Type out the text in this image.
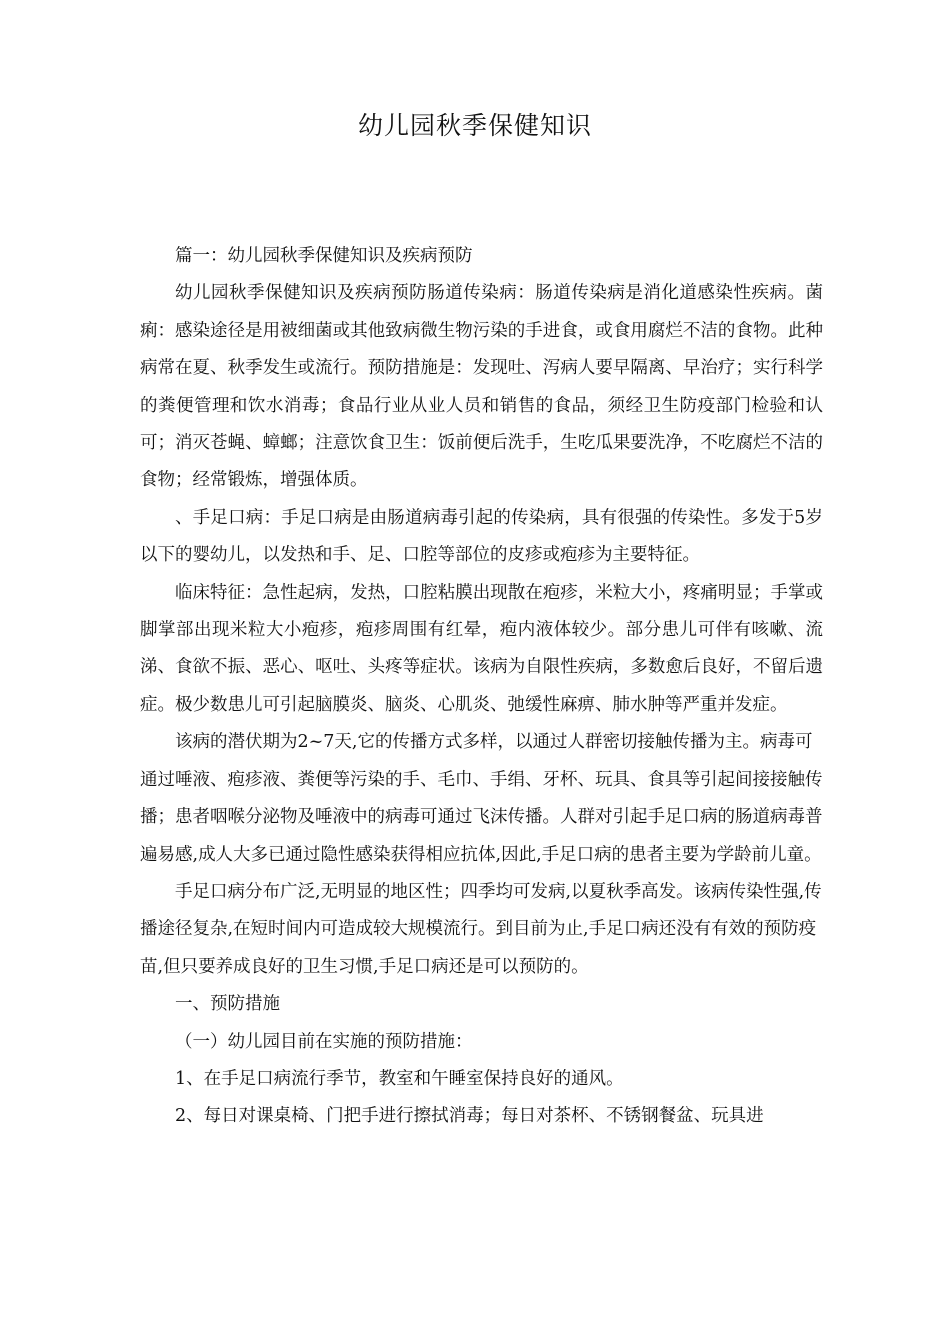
幼儿园秋季保健知识

篇一：幼儿园秋季保健知识及疾病预防

幼儿园秋季保健知识及疾病预防肠道传染病：肠道传染病是消化道感染性疾病。菌痢：感染途径是用被细菌或其他致病微生物污染的手进食，或食用腐烂不洁的食物。此种病常在夏、秋季发生或流行。预防措施是：发现吐、泻病人要早隔离、早治疗；实行科学的粪便管理和饮水消毒；食品行业从业人员和销售的食品，须经卫生防疫部门检验和认可；消灭苍蝇、蟑螂；注意饮食卫生：饭前便后洗手，生吃瓜果要洗净，不吃腐烂不洁的食物；经常锻炼，增强体质。

、手足口病：手足口病是由肠道病毒引起的传染病，具有很强的传染性。多发于5岁以下的婴幼儿，以发热和手、足、口腔等部位的皮疹或疱疹为主要特征。

临床特征：急性起病，发热，口腔粘膜出现散在疱疹，米粒大小，疼痛明显；手掌或脚掌部出现米粒大小疱疹，疱疹周围有红晕，疱内液体较少。部分患儿可伴有咳嗽、流涕、食欲不振、恶心、呕吐、头疼等症状。该病为自限性疾病，多数愈后良好，不留后遗症。极少数患儿可引起脑膜炎、脑炎、心肌炎、弛缓性麻痹、肺水肿等严重并发症。

该病的潜伏期为2~7天,它的传播方式多样，以通过人群密切接触传播为主。病毒可通过唾液、疱疹液、粪便等污染的手、毛巾、手绢、牙杯、玩具、食具等引起间接接触传播；患者咽喉分泌物及唾液中的病毒可通过飞沫传播。人群对引起手足口病的肠道病毒普遍易感,成人大多已通过隐性感染获得相应抗体,因此,手足口病的患者主要为学龄前儿童。

手足口病分布广泛,无明显的地区性；四季均可发病,以夏秋季高发。该病传染性强,传播途径复杂,在短时间内可造成较大规模流行。到目前为止,手足口病还没有有效的预防疫苗,但只要养成良好的卫生习惯,手足口病还是可以预防的。

一、预防措施

（一）幼儿园目前在实施的预防措施：

1、在手足口病流行季节，教室和午睡室保持良好的通风。

2、每日对课桌椅、门把手进行擦拭消毒；每日对茶杯、不锈钢餐盆、玩具进
